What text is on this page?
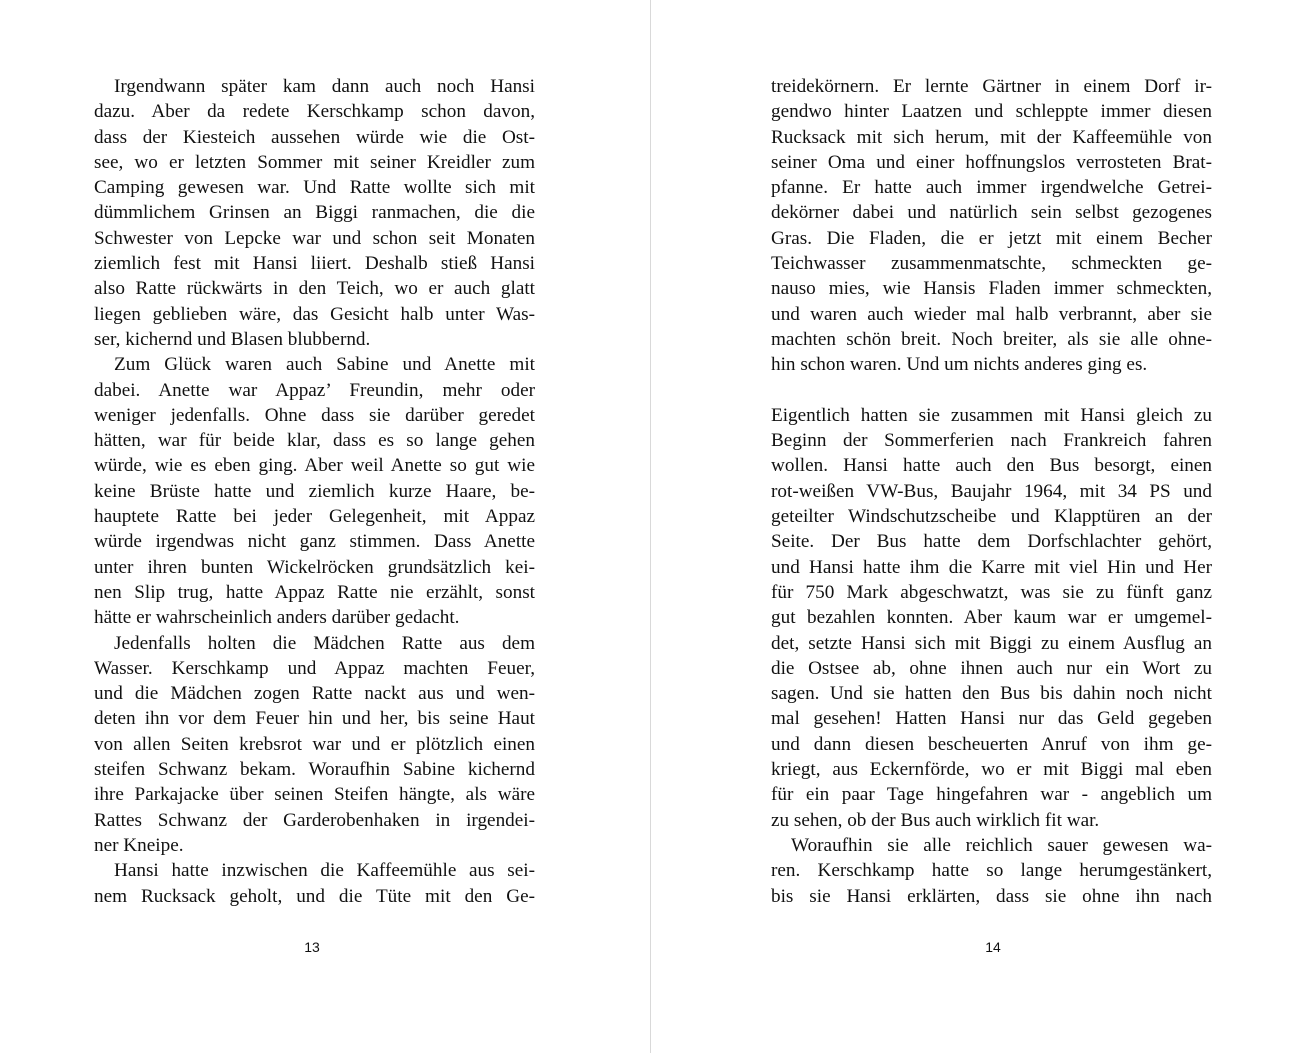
Irgendwann später kam dann auch noch Hansi
dazu. Aber da redete Kerschkamp schon davon,
dass der Kiesteich aussehen würde wie die Ost-
see, wo er letzten Sommer mit seiner Kreidler zum
Camping gewesen war. Und Ratte wollte sich mit
dümmlichem Grinsen an Biggi ranmachen, die die
Schwester von Lepcke war und schon seit Monaten
ziemlich fest mit Hansi liiert. Deshalb stieß Hansi
also Ratte rückwärts in den Teich, wo er auch glatt
liegen geblieben wäre, das Gesicht halb unter Was-
ser, kichernd und Blasen blubbernd.
Zum Glück waren auch Sabine und Anette mit
dabei. Anette war Appaz’ Freundin, mehr oder
weniger jedenfalls. Ohne dass sie darüber geredet
hätten, war für beide klar, dass es so lange gehen
würde, wie es eben ging. Aber weil Anette so gut wie
keine Brüste hatte und ziemlich kurze Haare, be-
hauptete Ratte bei jeder Gelegenheit, mit Appaz
würde irgendwas nicht ganz stimmen. Dass Anette
unter ihren bunten Wickelröcken grundsätzlich kei-
nen Slip trug, hatte Appaz Ratte nie erzählt, sonst
hätte er wahrscheinlich anders darüber gedacht.
Jedenfalls holten die Mädchen Ratte aus dem
Wasser. Kerschkamp und Appaz machten Feuer,
und die Mädchen zogen Ratte nackt aus und wen-
deten ihn vor dem Feuer hin und her, bis seine Haut
von allen Seiten krebsrot war und er plötzlich einen
steifen Schwanz bekam. Woraufhin Sabine kichernd
ihre Parkajacke über seinen Steifen hängte, als wäre
Rattes Schwanz der Garderobenhaken in irgendei-
ner Kneipe.
Hansi hatte inzwischen die Kaffeemühle aus sei-
nem Rucksack geholt, und die Tüte mit den Ge-
13
treidekörnern. Er lernte Gärtner in einem Dorf ir-
gendwo hinter Laatzen und schleppte immer diesen
Rucksack mit sich herum, mit der Kaffeemühle von
seiner Oma und einer hoffnungslos verrosteten Brat-
pfanne. Er hatte auch immer irgendwelche Getrei-
dekörner dabei und natürlich sein selbst gezogenes
Gras. Die Fladen, die er jetzt mit einem Becher
Teichwasser zusammenmatschte, schmeckten ge-
nauso mies, wie Hansis Fladen immer schmeckten,
und waren auch wieder mal halb verbrannt, aber sie
machten schön breit. Noch breiter, als sie alle ohne-
hin schon waren. Und um nichts anderes ging es.
Eigentlich hatten sie zusammen mit Hansi gleich zu
Beginn der Sommerferien nach Frankreich fahren
wollen. Hansi hatte auch den Bus besorgt, einen
rot-weißen VW-Bus, Baujahr 1964, mit 34 PS und
geteilter Windschutzscheibe und Klapptüren an der
Seite. Der Bus hatte dem Dorfschlachter gehört,
und Hansi hatte ihm die Karre mit viel Hin und Her
für 750 Mark abgeschwatzt, was sie zu fünft ganz
gut bezahlen konnten. Aber kaum war er umgemel-
det, setzte Hansi sich mit Biggi zu einem Ausflug an
die Ostsee ab, ohne ihnen auch nur ein Wort zu
sagen. Und sie hatten den Bus bis dahin noch nicht
mal gesehen! Hatten Hansi nur das Geld gegeben
und dann diesen bescheuerten Anruf von ihm ge-
kriegt, aus Eckernförde, wo er mit Biggi mal eben
für ein paar Tage hingefahren war - angeblich um
zu sehen, ob der Bus auch wirklich fit war.
Woraufhin sie alle reichlich sauer gewesen wa-
ren. Kerschkamp hatte so lange herumgestänkert,
bis sie Hansi erklärten, dass sie ohne ihn nach
14
